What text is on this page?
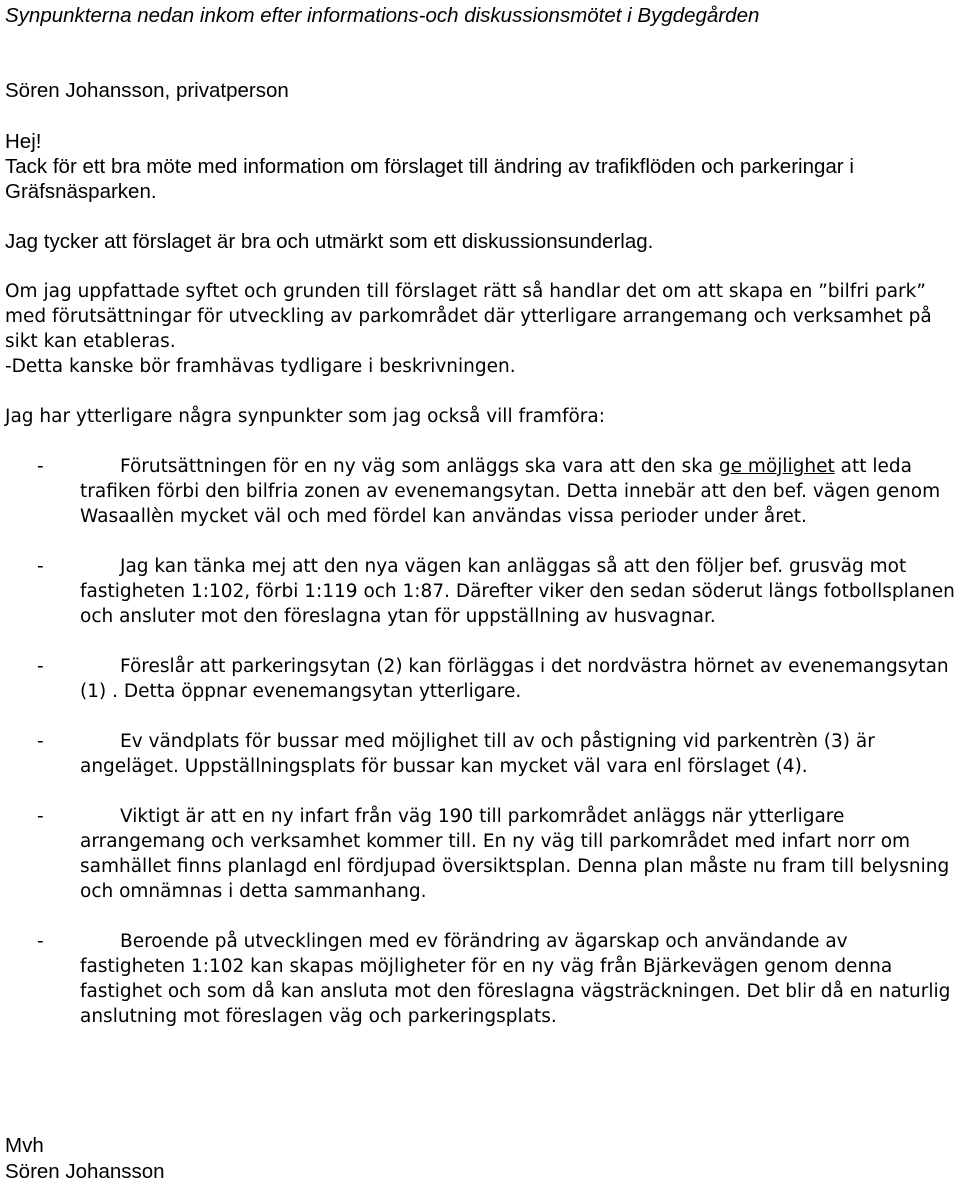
Synpunkterna nedan inkom efter informations-och diskussionsmötet i Bygdegården

Sören Johansson, privatperson

Hej!

Tack för ett bra möte med information om förslaget till ändring av trafikflöden och parkeringar i Gräfsnäsparken.

Jag tycker att förslaget är bra och utmärkt som ett diskussionsunderlag.

Om jag uppfattade syftet och grunden till förslaget rätt så handlar det om att skapa en ”bilfri park” med förutsättningar för utveckling av parkområdet där ytterligare arrangemang och verksamhet på sikt kan etableras.

-Detta kanske bör framhävas tydligare i beskrivningen.

Jag har ytterligare några synpunkter som jag också vill framföra:

-	Förutsättningen för en ny väg som anläggs ska vara att den ska ge möjlighet att leda trafiken förbi den bilfria zonen av evenemangsytan. Detta innebär att den bef. vägen genom Wasaallèn mycket väl och med fördel kan användas vissa perioder under året.
-	Jag kan tänka mej att den nya vägen kan anläggas så att den följer bef. grusväg mot fastigheten 1:102, förbi 1:119 och 1:87. Därefter viker den sedan söderut längs fotbollsplanen och ansluter mot den föreslagna ytan för uppställning av husvagnar.
-	Föreslår att parkeringsytan (2) kan förläggas i det nordvästra hörnet av evenemangsytan (1) . Detta öppnar evenemangsytan ytterligare.
-	Ev vändplats för bussar med möjlighet till av och påstigning vid parkentrèn (3) är angeläget. Uppställningsplats för bussar kan mycket väl vara enl förslaget (4).
-	Viktigt är att en ny infart från väg 190 till parkområdet anläggs när ytterligare arrangemang och verksamhet kommer till. En ny väg till parkområdet med infart norr om samhället finns planlagd enl fördjupad översiktsplan. Denna plan måste nu fram till belysning och omnämnas i detta sammanhang.
-	Beroende på utvecklingen med ev förändring av ägarskap och användande av fastigheten 1:102 kan skapas möjligheter för en ny väg från Bjärkevägen genom denna fastighet och som då kan ansluta mot den föreslagna vägsträckningen. Det blir då en naturlig anslutning mot föreslagen väg och parkeringsplats.

Mvh

Sören Johansson
